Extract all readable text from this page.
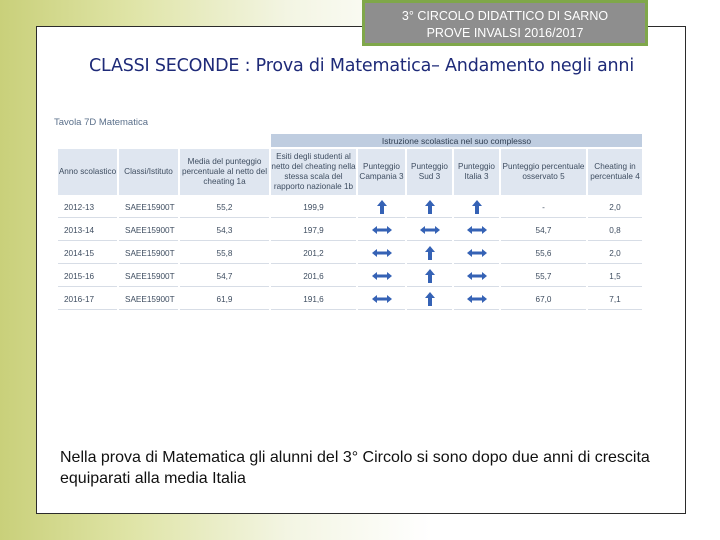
3° CIRCOLO DIDATTICO DI SARNO
PROVE INVALSI 2016/2017
CLASSI SECONDE : Prova di Matematica– Andamento negli anni
Tavola 7D Matematica
			Istruzione scolastica nel suo complesso					
Anno scolastico	Classi/Istituto	Media del punteggio percentuale al netto del cheating 1a	Esiti degli studenti al netto del cheating nella stessa scala del rapporto nazionale 1b	Punteggio Campania 3	Punteggio Sud 3	Punteggio Italia 3	Punteggio percentuale osservato 5	Cheating in percentuale 4
2012-13	SAEE15900T	55,2	199,9				-	2,0
2013-14	SAEE15900T	54,3	197,9				54,7	0,8
2014-15	SAEE15900T	55,8	201,2				55,6	2,0
2015-16	SAEE15900T	54,7	201,6				55,7	1,5
2016-17	SAEE15900T	61,9	191,6				67,0	7,1
Nella prova di Matematica gli alunni del 3° Circolo si sono dopo due anni di crescita equiparati alla media Italia
